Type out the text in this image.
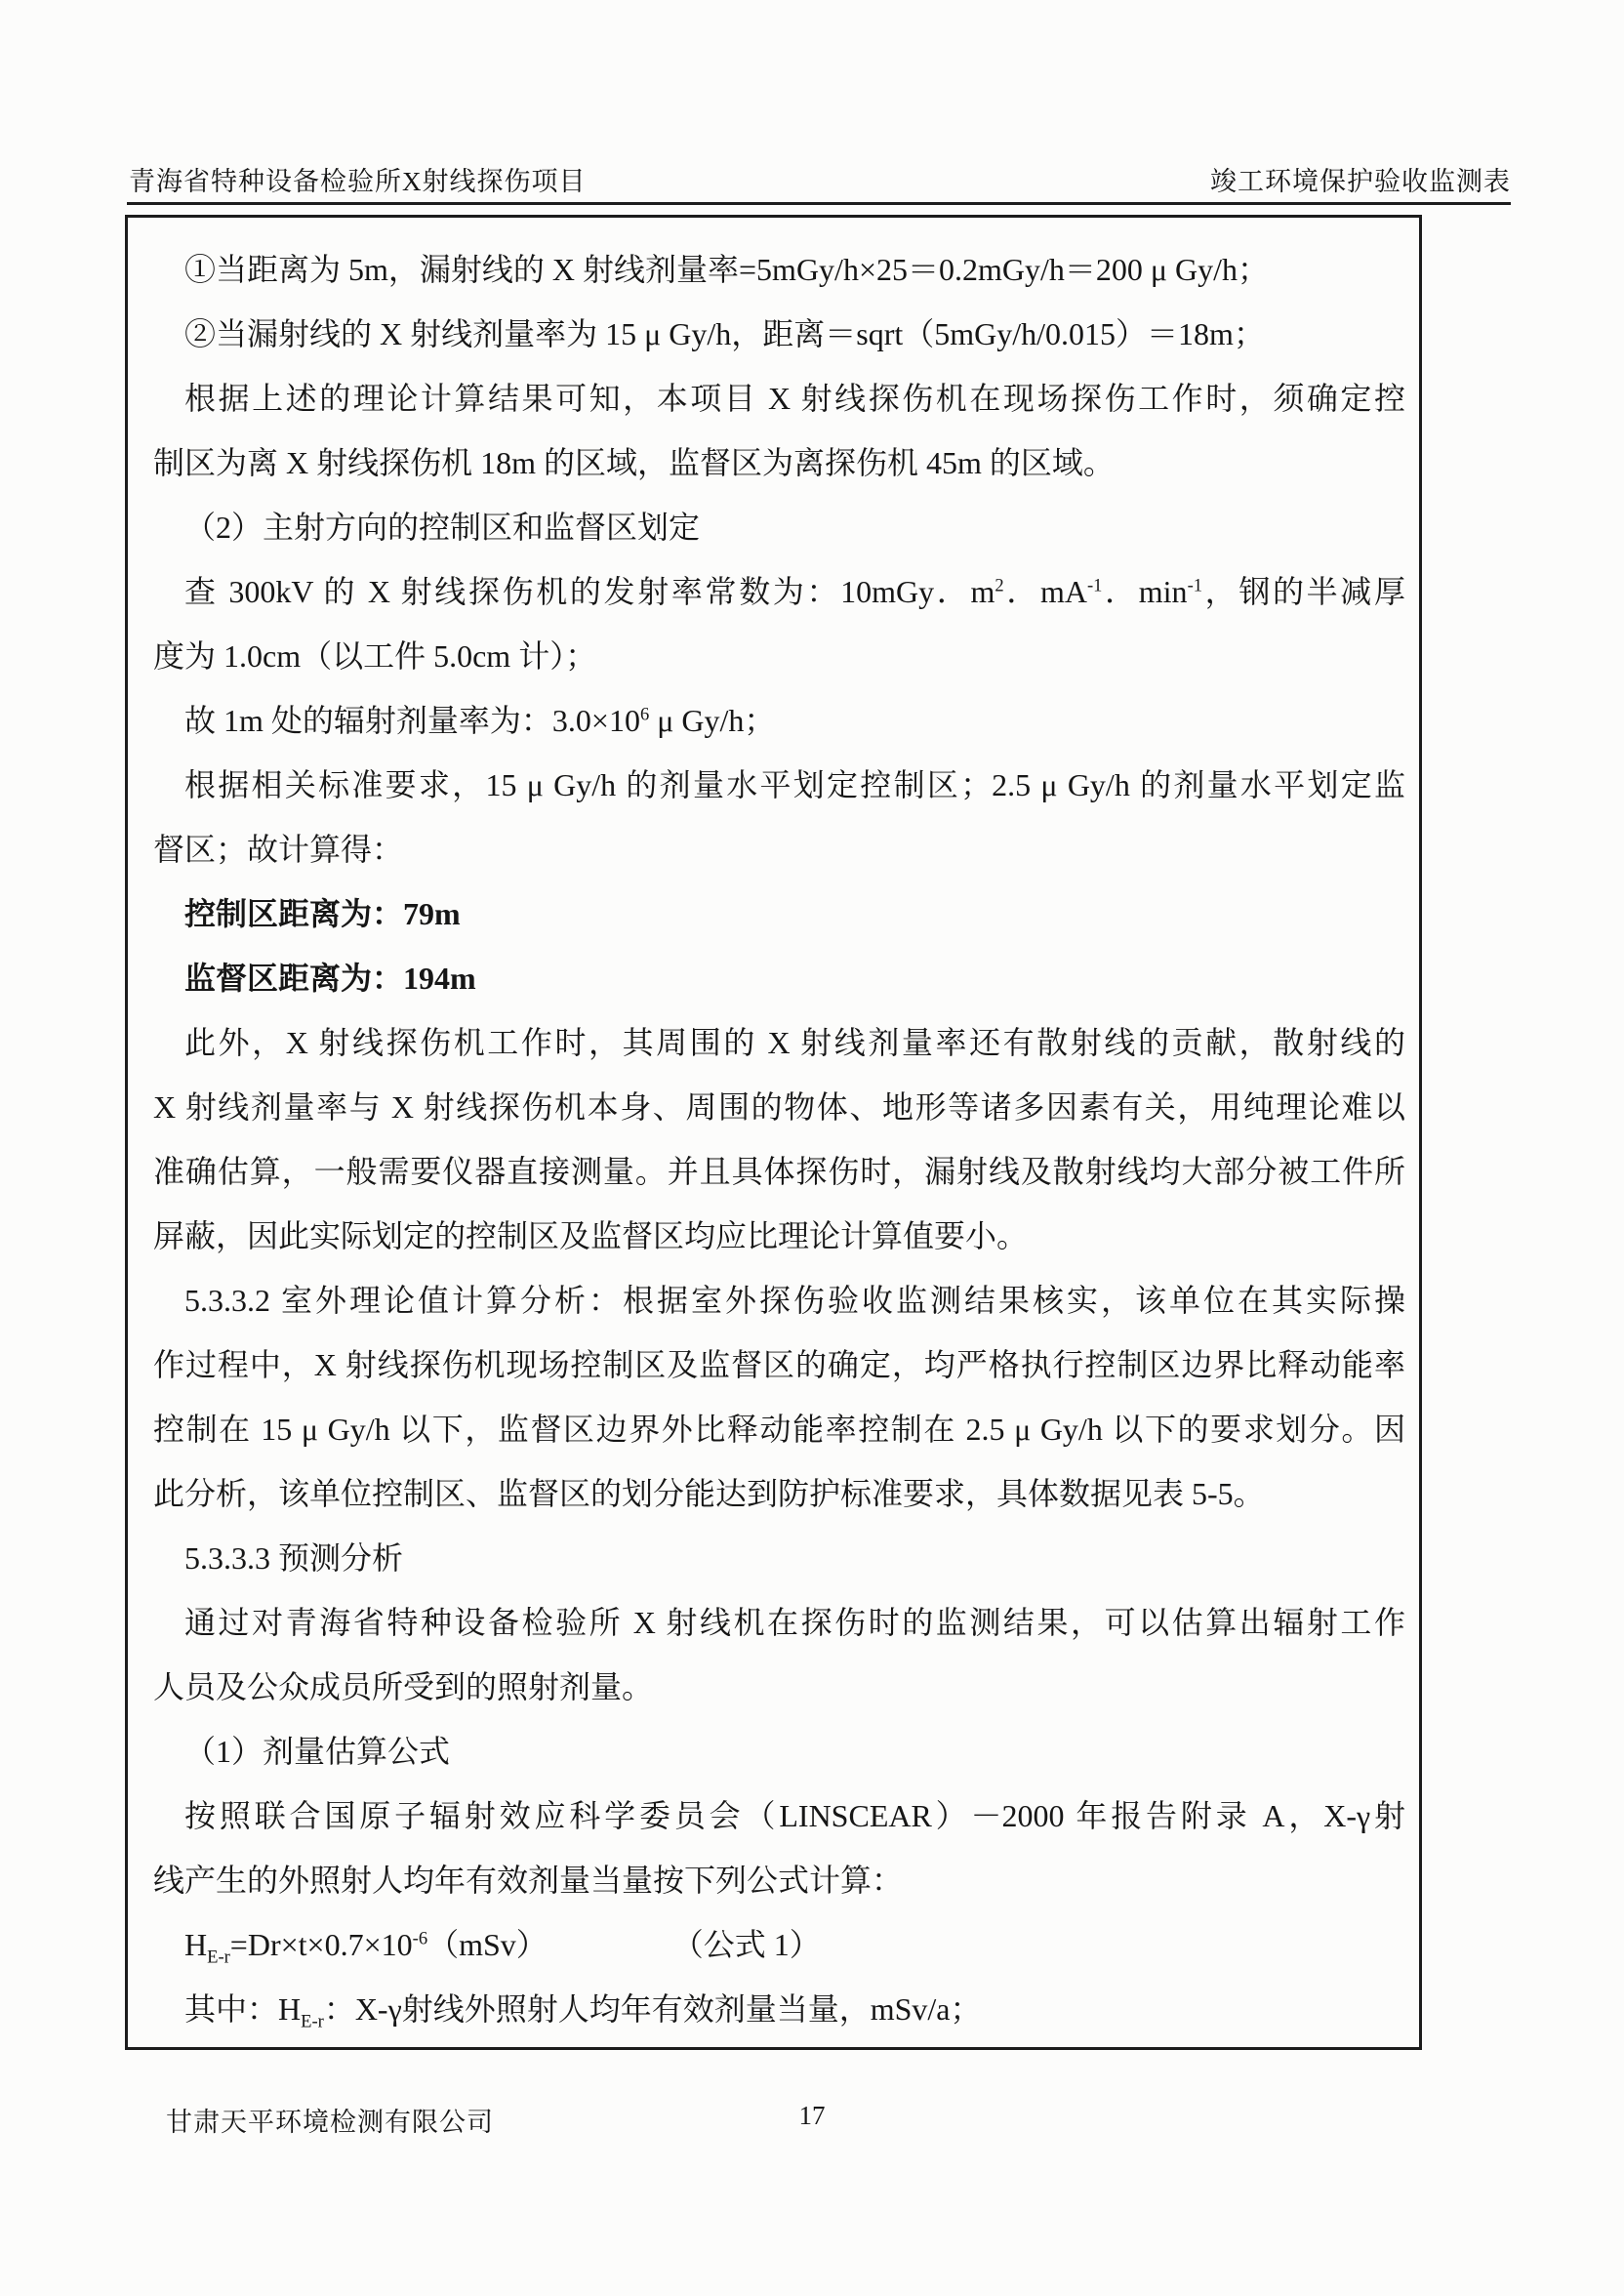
青海省特种设备检验所X射线探伤项目	竣工环境保护验收监测表
①当距离为 5m，漏射线的 X 射线剂量率=5mGy/h×25＝0.2mGy/h＝200 μ Gy/h；
②当漏射线的 X 射线剂量率为 15 μ Gy/h，距离＝sqrt（5mGy/h/0.015）＝18m；
根据上述的理论计算结果可知，本项目 X 射线探伤机在现场探伤工作时，须确定控
制区为离 X 射线探伤机 18m 的区域，监督区为离探伤机 45m 的区域。
（2）主射方向的控制区和监督区划定
查 300kV 的 X 射线探伤机的发射率常数为：10mGy．$m^2$．$mA^{-1}$．$\min^{-1}$，钢的半减厚
度为 1.0cm（以工件 5.0cm 计）；
故 1m 处的辐射剂量率为：$3.0\times 10^6$ μ Gy/h；
根据相关标准要求，15 μ Gy/h 的剂量水平划定控制区；2.5 μ Gy/h 的剂量水平划定监
督区；故计算得：
控制区距离为：79m
监督区距离为：194m
此外，X 射线探伤机工作时，其周围的 X 射线剂量率还有散射线的贡献，散射线的
X 射线剂量率与 X 射线探伤机本身、周围的物体、地形等诸多因素有关，用纯理论难以
准确估算，一般需要仪器直接测量。并且具体探伤时，漏射线及散射线均大部分被工件所
屏蔽，因此实际划定的控制区及监督区均应比理论计算值要小。
5.3.3.2 室外理论值计算分析：根据室外探伤验收监测结果核实，该单位在其实际操
作过程中，X 射线探伤机现场控制区及监督区的确定，均严格执行控制区边界比释动能率
控制在 15 μ Gy/h 以下，监督区边界外比释动能率控制在 2.5 μ Gy/h 以下的要求划分。因
此分析，该单位控制区、监督区的划分能达到防护标准要求，具体数据见表 5-5。
5.3.3.3 预测分析
通过对青海省特种设备检验所 X 射线机在探伤时的监测结果，可以估算出辐射工作
人员及公众成员所受到的照射剂量。
（1）剂量估算公式
按照联合国原子辐射效应科学委员会（LINSCEAR）－2000 年报告附录 A，X-γ射
线产生的外照射人均年有效剂量当量按下列公式计算：
$H_{E-r}=Dr\times t\times 0.7\times 10^{-6}(mSv)$　　　　　（公式 1）
其中：$H_{E-r}$：X-γ射线外照射人均年有效剂量当量，mSv/a；
甘肃天平环境检测有限公司	17
